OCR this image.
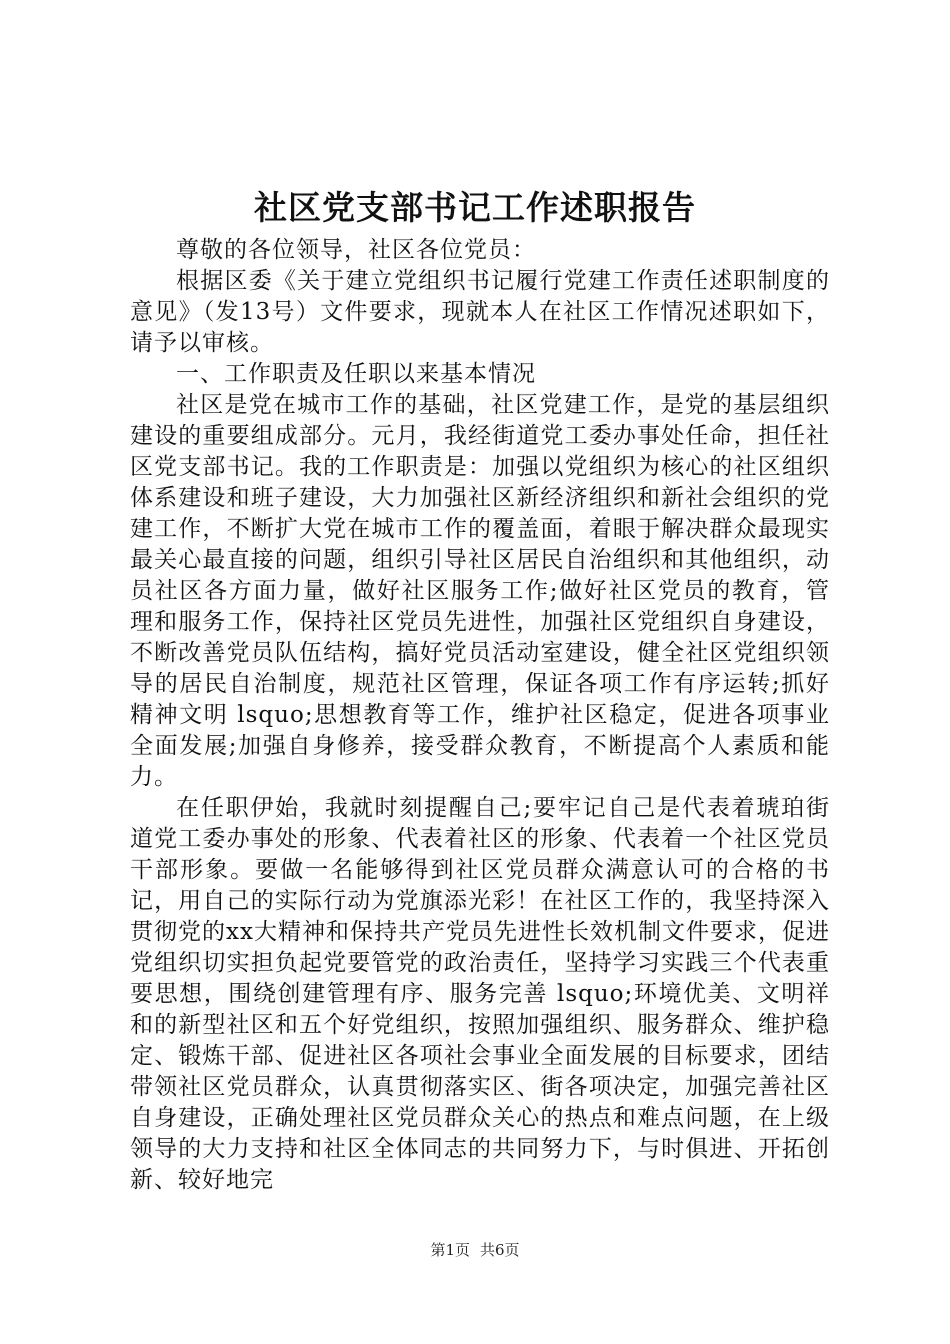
社区党支部书记工作述职报告

尊敬的各位领导，社区各位党员：

根据区委《关于建立党组织书记履行党建工作责任述职制度的意见》（发13号）文件要求，现就本人在社区工作情况述职如下，请予以审核。

一、工作职责及任职以来基本情况

社区是党在城市工作的基础，社区党建工作，是党的基层组织建设的重要组成部分。元月，我经街道党工委办事处任命，担任社区党支部书记。我的工作职责是：加强以党组织为核心的社区组织体系建设和班子建设，大力加强社区新经济组织和新社会组织的党建工作，不断扩大党在城市工作的覆盖面，着眼于解决群众最现实最关心最直接的问题，组织引导社区居民自治组织和其他组织，动员社区各方面力量，做好社区服务工作;做好社区党员的教育，管理和服务工作，保持社区党员先进性，加强社区党组织自身建设，不断改善党员队伍结构，搞好党员活动室建设，健全社区党组织领导的居民自治制度，规范社区管理，保证各项工作有序运转;抓好精神文明 lsquo;思想教育等工作，维护社区稳定，促进各项事业全面发展;加强自身修养，接受群众教育，不断提高个人素质和能力。

在任职伊始，我就时刻提醒自己;要牢记自己是代表着琥珀街道党工委办事处的形象、代表着社区的形象、代表着一个社区党员干部形象。要做一名能够得到社区党员群众满意认可的合格的书记，用自己的实际行动为党旗添光彩！在社区工作的，我坚持深入贯彻党的xx大精神和保持共产党员先进性长效机制文件要求，促进党组织切实担负起党要管党的政治责任，坚持学习实践三个代表重要思想，围绕创建管理有序、服务完善 lsquo;环境优美、文明祥和的新型社区和五个好党组织，按照加强组织、服务群众、维护稳定、锻炼干部、促进社区各项社会事业全面发展的目标要求，团结带领社区党员群众，认真贯彻落实区、街各项决定，加强完善社区自身建设，正确处理社区党员群众关心的热点和难点问题，在上级领导的大力支持和社区全体同志的共同努力下，与时俱进、开拓创新、较好地完

第1页 共6页
